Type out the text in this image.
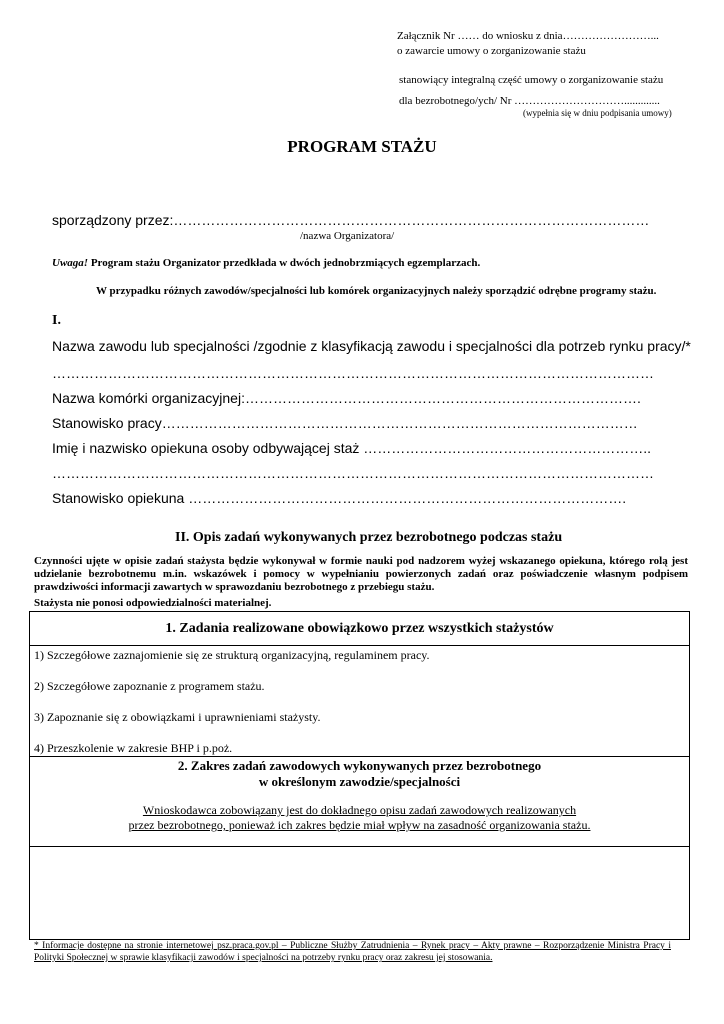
Załącznik Nr …… do wniosku z dnia……………………...
o zawarcie umowy o zorganizowanie stażu
stanowiący integralną część umowy o zorganizowanie stażu
dla bezrobotnego/ych/ Nr ………………………….............
(wypełnia się w dniu podpisania umowy)
PROGRAM STAŻU
sporządzony przez:…………………………………………………………………………………………
/nazwa Organizatora/
Uwaga! Program stażu Organizator przedkłada w dwóch jednobrzmiących egzemplarzach.
W przypadku różnych zawodów/specjalności lub komórek organizacyjnych należy sporządzić odrębne programy stażu.
I.
Nazwa zawodu lub specjalności /zgodnie z klasyfikacją zawodu i specjalności dla potrzeb rynku pracy/*
…………………………………………………………………………………………………………………
Nazwa komórki organizacyjnej:………………………………………………………………………….
Stanowisko pracy…………………………………………………………………………………………
Imię i nazwisko opiekuna osoby odbywającej staż ……………………………………………………..
…………………………………………………………………………………………………………………
Stanowisko opiekuna ………………………………………………………………………………….
II. Opis zadań wykonywanych przez bezrobotnego podczas stażu
Czynności ujęte w opisie zadań stażysta będzie wykonywał w formie nauki pod nadzorem wyżej wskazanego opiekuna, którego rolą jest udzielanie bezrobotnemu m.in. wskazówek i pomocy w wypełnianiu powierzonych zadań oraz poświadczenie własnym podpisem prawdziwości informacji zawartych w sprawozdaniu bezrobotnego z przebiegu stażu.
Stażysta nie ponosi odpowiedzialności materialnej.
1. Zadania realizowane obowiązkowo przez wszystkich stażystów

1) Szczegółowe zaznajomienie się ze strukturą organizacyjną, regulaminem pracy.
2) Szczegółowe zapoznanie z programem stażu.
3) Zapoznanie się z obowiązkami i uprawnieniami stażysty.
4) Przeszkolenie w zakresie BHP i p.poż.

2. Zakres zadań zawodowych wykonywanych przez bezrobotnego
w określonym zawodzie/specjalności
Wnioskodawca zobowiązany jest do dokładnego opisu zadań zawodowych realizowanych
przez bezrobotnego, ponieważ ich zakres będzie miał wpływ na zasadność organizowania stażu.

* Informacje dostępne na stronie internetowej psz.praca.gov.pl – Publiczne Służby Zatrudnienia – Rynek pracy – Akty prawne – Rozporządzenie Ministra Pracy i Polityki Społecznej w sprawie klasyfikacji zawodów i specjalności na potrzeby rynku pracy oraz zakresu jej stosowania.
